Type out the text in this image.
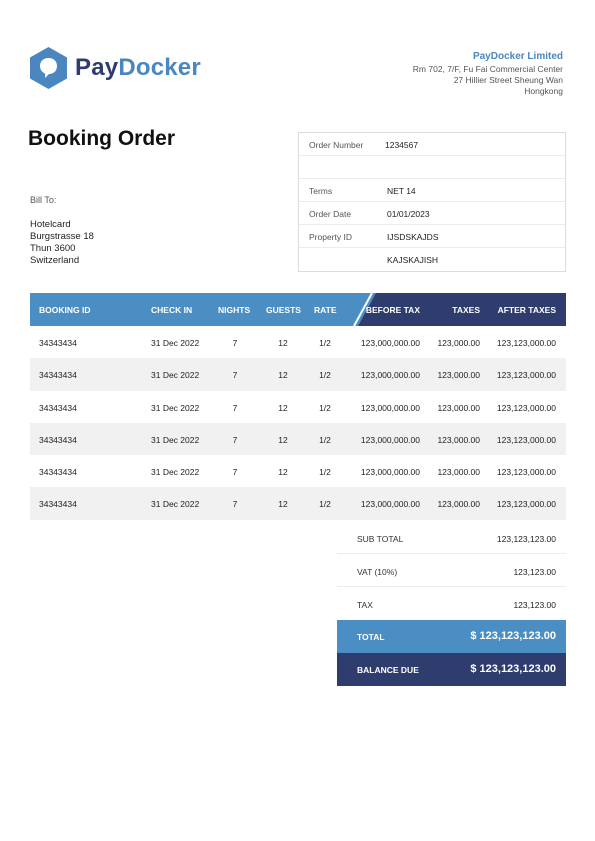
PayDocker	PayDocker Limited
Rm 702, 7/F, Fu Fai Commercial Center
27 Hillier Street Sheung Wan
Hongkong
Booking Order
Bill To:
Hotelcard
Burgstrasse 18
Thun 3600
Switzerland
Order Number	1234567
Terms	NET 14
Order Date	01/01/2023
Property ID	IJSDSKAJDS
KAJSKAJISH
BOOKING ID	CHECK IN	NIGHTS GUESTS RATE	BEFORE TAX	TAXES AFTER TAXES
34343434	31 Dec 2022	7	12	1/2	123,000,000.00 123,000.00 123,123,000.00
34343434	31 Dec 2022	7	12	1/2	123,000,000.00 123,000.00 123,123,000.00
34343434	31 Dec 2022	7	12	1/2	123,000,000.00 123,000.00 123,123,000.00
34343434	31 Dec 2022	7	12	1/2	123,000,000.00 123,000.00 123,123,000.00
34343434	31 Dec 2022	7	12	1/2	123,000,000.00 123,000.00 123,123,000.00
34343434	31 Dec 2022	7	12	1/2	123,000,000.00 123,000.00 123,123,000.00
SUB TOTAL	123,123,123.00
VAT (10%)	123,123.00
TAX	123,123.00
TOTAL	$ 123,123,123.00
BALANCE DUE	$ 123,123,123.00
